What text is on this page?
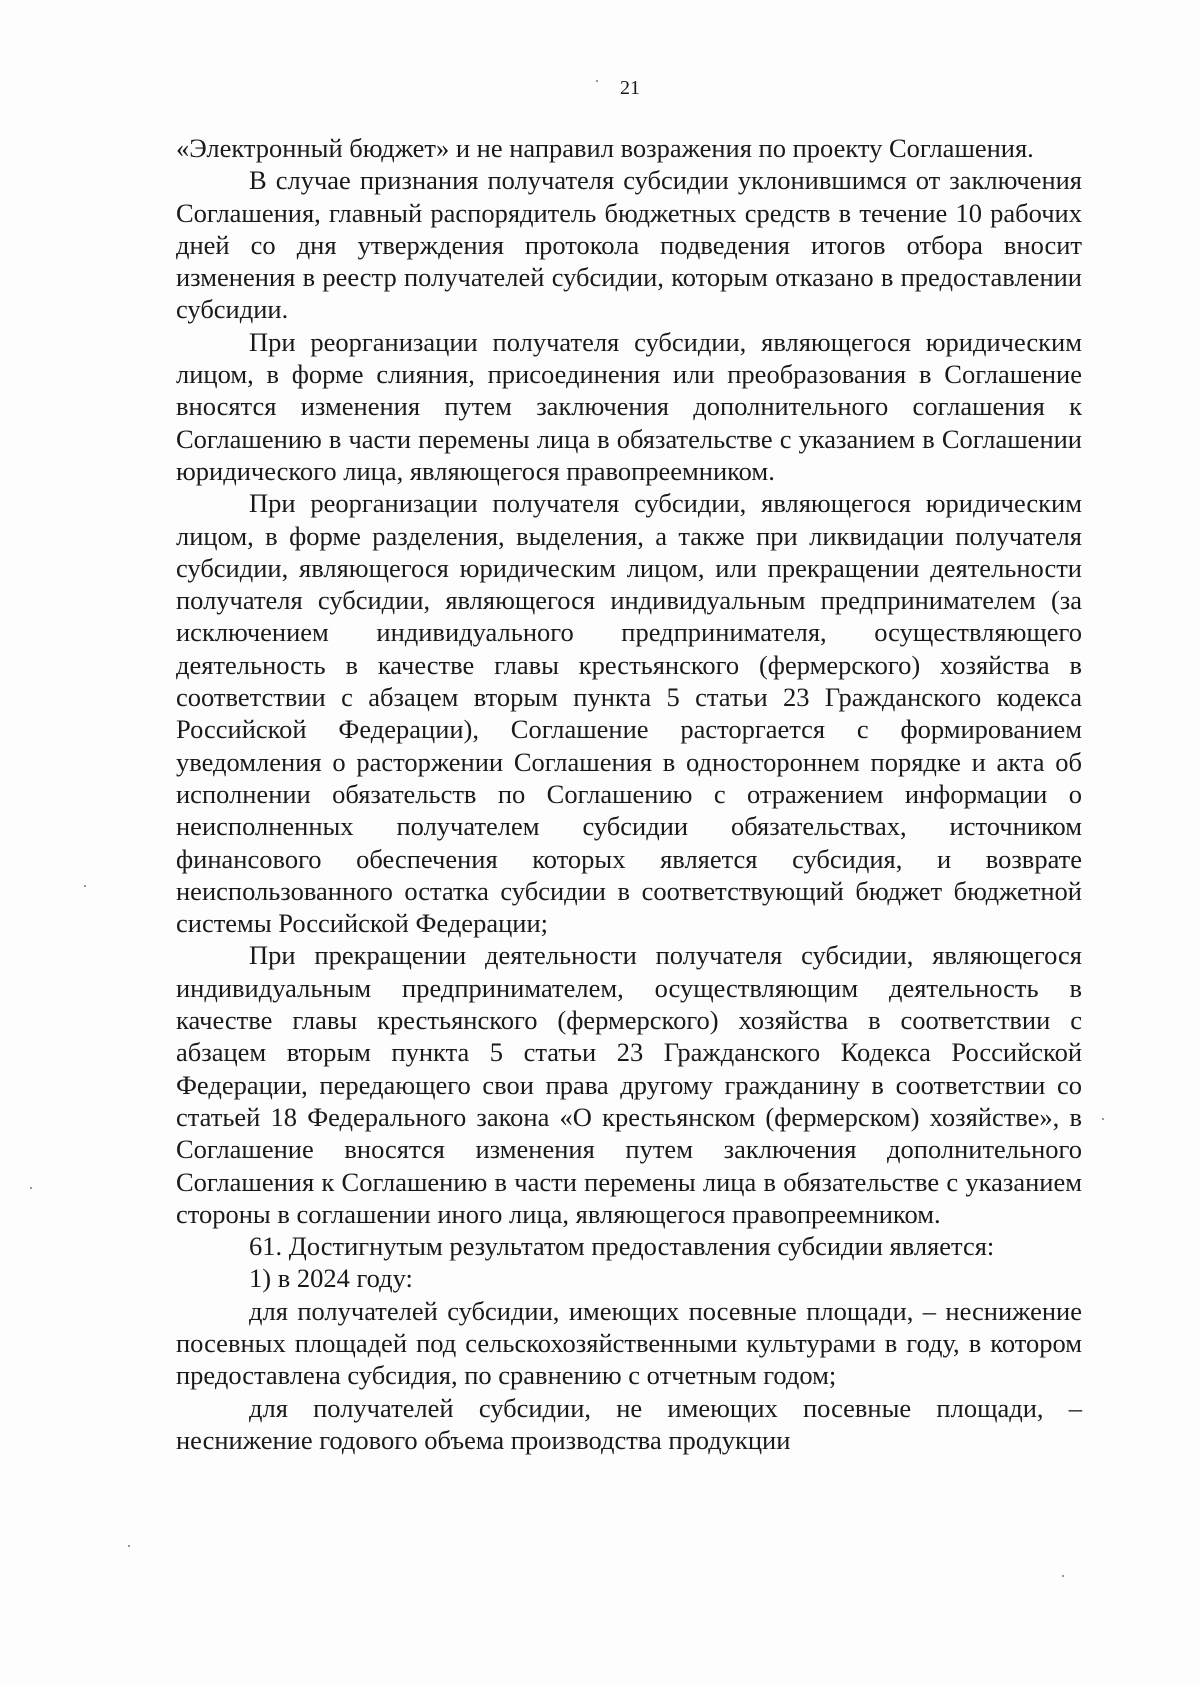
21

«Электронный бюджет» и не направил возражения по проекту Соглашения.

В случае признания получателя субсидии уклонившимся от заключения Соглашения, главный распорядитель бюджетных средств в течение 10 рабочих дней со дня утверждения протокола подведения итогов отбора вносит изменения в реестр получателей субсидии, которым отказано в предоставлении субсидии.

При реорганизации получателя субсидии, являющегося юридическим лицом, в форме слияния, присоединения или преобразования в Соглашение вносятся изменения путем заключения дополнительного соглашения к Соглашению в части перемены лица в обязательстве с указанием в Соглашении юридического лица, являющегося правопреемником.

При реорганизации получателя субсидии, являющегося юридическим лицом, в форме разделения, выделения, а также при ликвидации получателя субсидии, являющегося юридическим лицом, или прекращении деятельности получателя субсидии, являющегося индивидуальным предпринимателем (за исключением индивидуального предпринимателя, осуществляющего деятельность в качестве главы крестьянского (фермерского) хозяйства в соответствии с абзацем вторым пункта 5 статьи 23 Гражданского кодекса Российской Федерации), Соглашение расторгается с формированием уведомления о расторжении Соглашения в одностороннем порядке и акта об исполнении обязательств по Соглашению с отражением информации о неисполненных получателем субсидии обязательствах, источником финансового обеспечения которых является субсидия, и возврате неиспользованного остатка субсидии в соответствующий бюджет бюджетной системы Российской Федерации;

При прекращении деятельности получателя субсидии, являющегося индивидуальным предпринимателем, осуществляющим деятельность в качестве главы крестьянского (фермерского) хозяйства в соответствии с абзацем вторым пункта 5 статьи 23 Гражданского Кодекса Российской Федерации, передающего свои права другому гражданину в соответствии со статьей 18 Федерального закона «О крестьянском (фермерском) хозяйстве», в Соглашение вносятся изменения путем заключения дополнительного Соглашения к Соглашению в части перемены лица в обязательстве с указанием стороны в соглашении иного лица, являющегося правопреемником.

61. Достигнутым результатом предоставления субсидии является:

1) в 2024 году:

для получателей субсидии, имеющих посевные площади, – неснижение посевных площадей под сельскохозяйственными культурами в году, в котором предоставлена субсидия, по сравнению с отчетным годом;

для получателей субсидии, не имеющих посевные площади, – неснижение годового объема производства продукции
